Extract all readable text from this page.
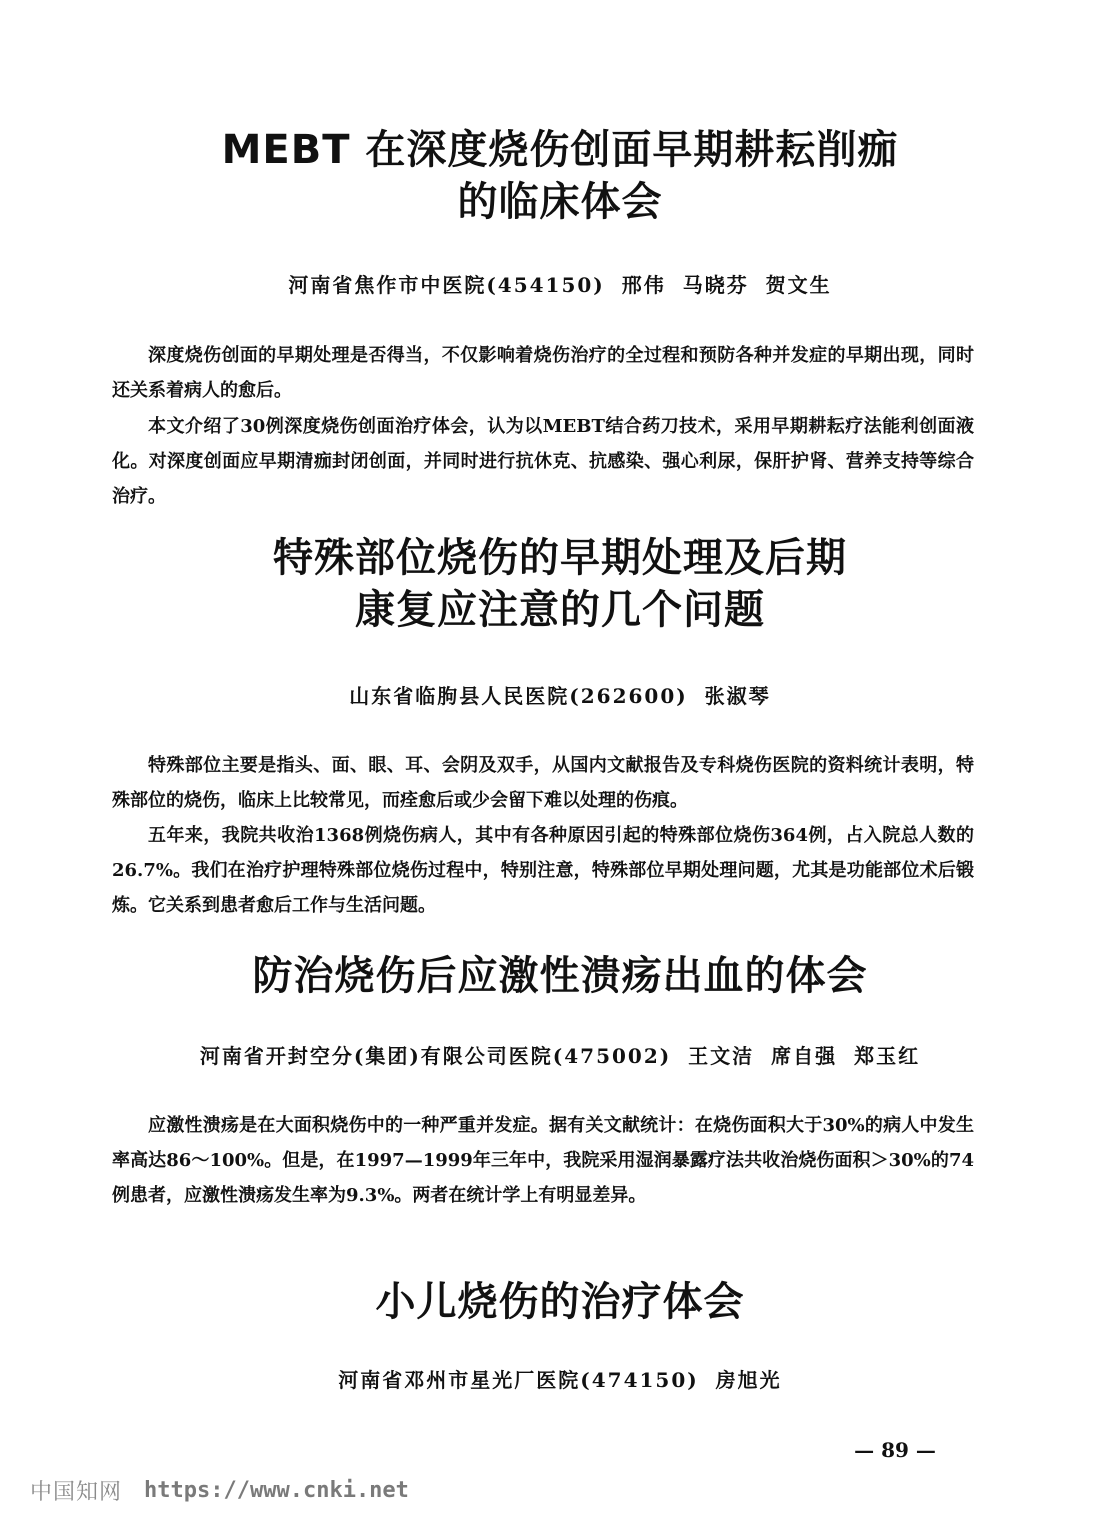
MEBT 在深度烧伤创面早期耕耘削痂
的临床体会
河南省焦作市中医院(454150) 邢伟 马晓芬 贺文生

深度烧伤创面的早期处理是否得当，不仅影响着烧伤治疗的全过程和预防各种并发症的早期出现，同时还关系着病人的愈后。

本文介绍了30例深度烧伤创面治疗体会，认为以MEBT结合药刀技术，采用早期耕耘疗法能利创面液化。对深度创面应早期清痂封闭创面，并同时进行抗休克、抗感染、强心利尿，保肝护肾、营养支持等综合治疗。

特殊部位烧伤的早期处理及后期
康复应注意的几个问题
山东省临朐县人民医院(262600) 张淑琴

特殊部位主要是指头、面、眼、耳、会阴及双手，从国内文献报告及专科烧伤医院的资料统计表明，特殊部位的烧伤，临床上比较常见，而痊愈后或少会留下难以处理的伤痕。

五年来，我院共收治1368例烧伤病人，其中有各种原因引起的特殊部位烧伤364例，占入院总人数的26.7%。我们在治疗护理特殊部位烧伤过程中，特别注意，特殊部位早期处理问题，尤其是功能部位术后锻炼。它关系到患者愈后工作与生活问题。

防治烧伤后应激性溃疡出血的体会
河南省开封空分(集团)有限公司医院(475002) 王文洁 席自强 郑玉红

应激性溃疡是在大面积烧伤中的一种严重并发症。据有关文献统计：在烧伤面积大于30%的病人中发生率高达86～100%。但是，在1997—1999年三年中，我院采用湿润暴露疗法共收治烧伤面积＞30%的74例患者，应激性溃疡发生率为9.3%。两者在统计学上有明显差异。

小儿烧伤的治疗体会
河南省邓州市星光厂医院(474150) 房旭光
— 89 —
中国知网 https://www.cnki.net
